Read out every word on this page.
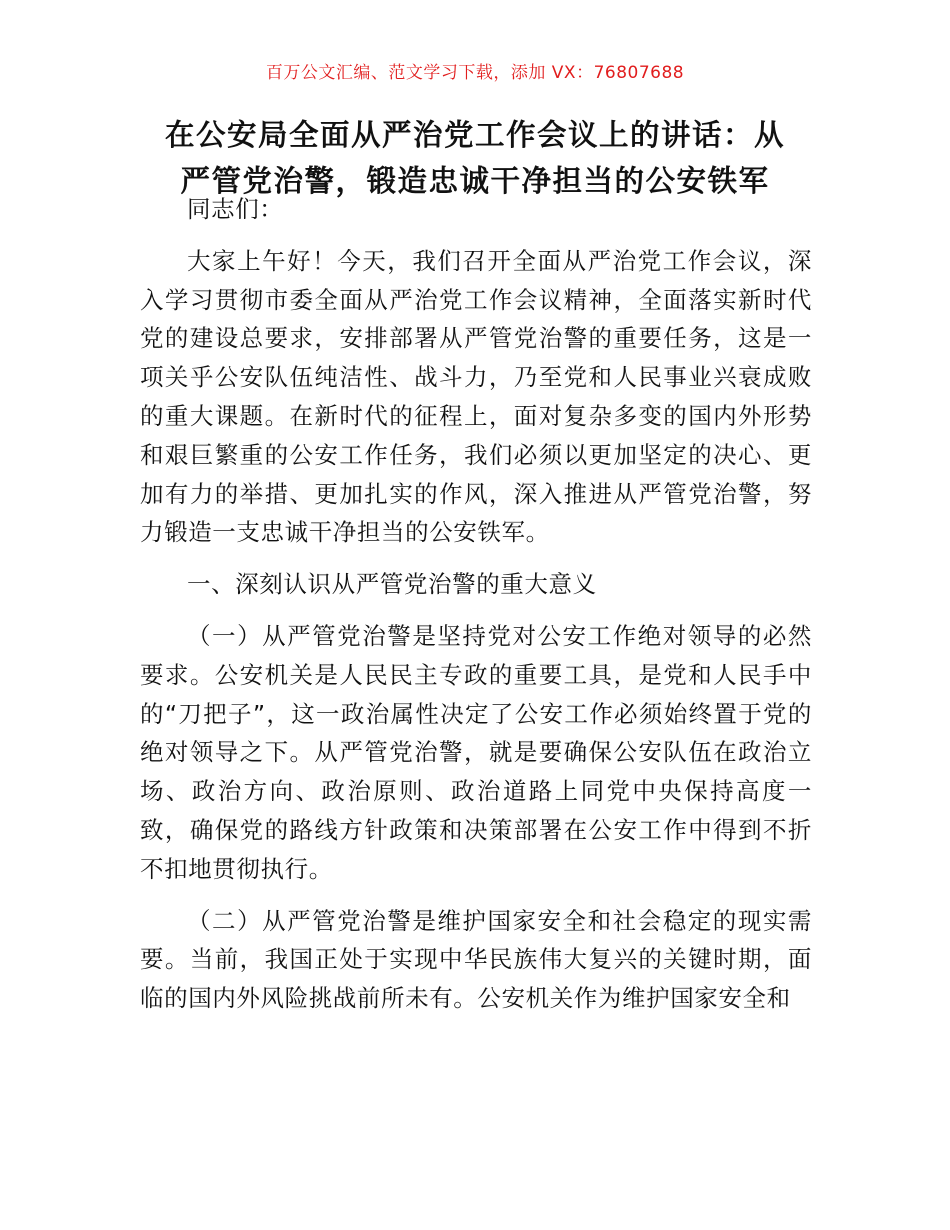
百万公文汇编、范文学习下载，添加 VX：76807688
在公安局全面从严治党工作会议上的讲话：从
严管党治警，锻造忠诚干净担当的公安铁军

同志们：

大家上午好！今天，我们召开全面从严治党工作会议，深入学习贯彻市委全面从严治党工作会议精神，全面落实新时代党的建设总要求，安排部署从严管党治警的重要任务，这是一项关乎公安队伍纯洁性、战斗力，乃至党和人民事业兴衰成败的重大课题。在新时代的征程上，面对复杂多变的国内外形势和艰巨繁重的公安工作任务，我们必须以更加坚定的决心、更加有力的举措、更加扎实的作风，深入推进从严管党治警，努力锻造一支忠诚干净担当的公安铁军。

一、深刻认识从严管党治警的重大意义

（一）从严管党治警是坚持党对公安工作绝对领导的必然要求。公安机关是人民民主专政的重要工具，是党和人民手中的“刀把子”，这一政治属性决定了公安工作必须始终置于党的绝对领导之下。从严管党治警，就是要确保公安队伍在政治立场、政治方向、政治原则、政治道路上同党中央保持高度一致，确保党的路线方针政策和决策部署在公安工作中得到不折不扣地贯彻执行。

（二）从严管党治警是维护国家安全和社会稳定的现实需要。当前，我国正处于实现中华民族伟大复兴的关键时期，面临的国内外风险挑战前所未有。公安机关作为维护国家安全和
